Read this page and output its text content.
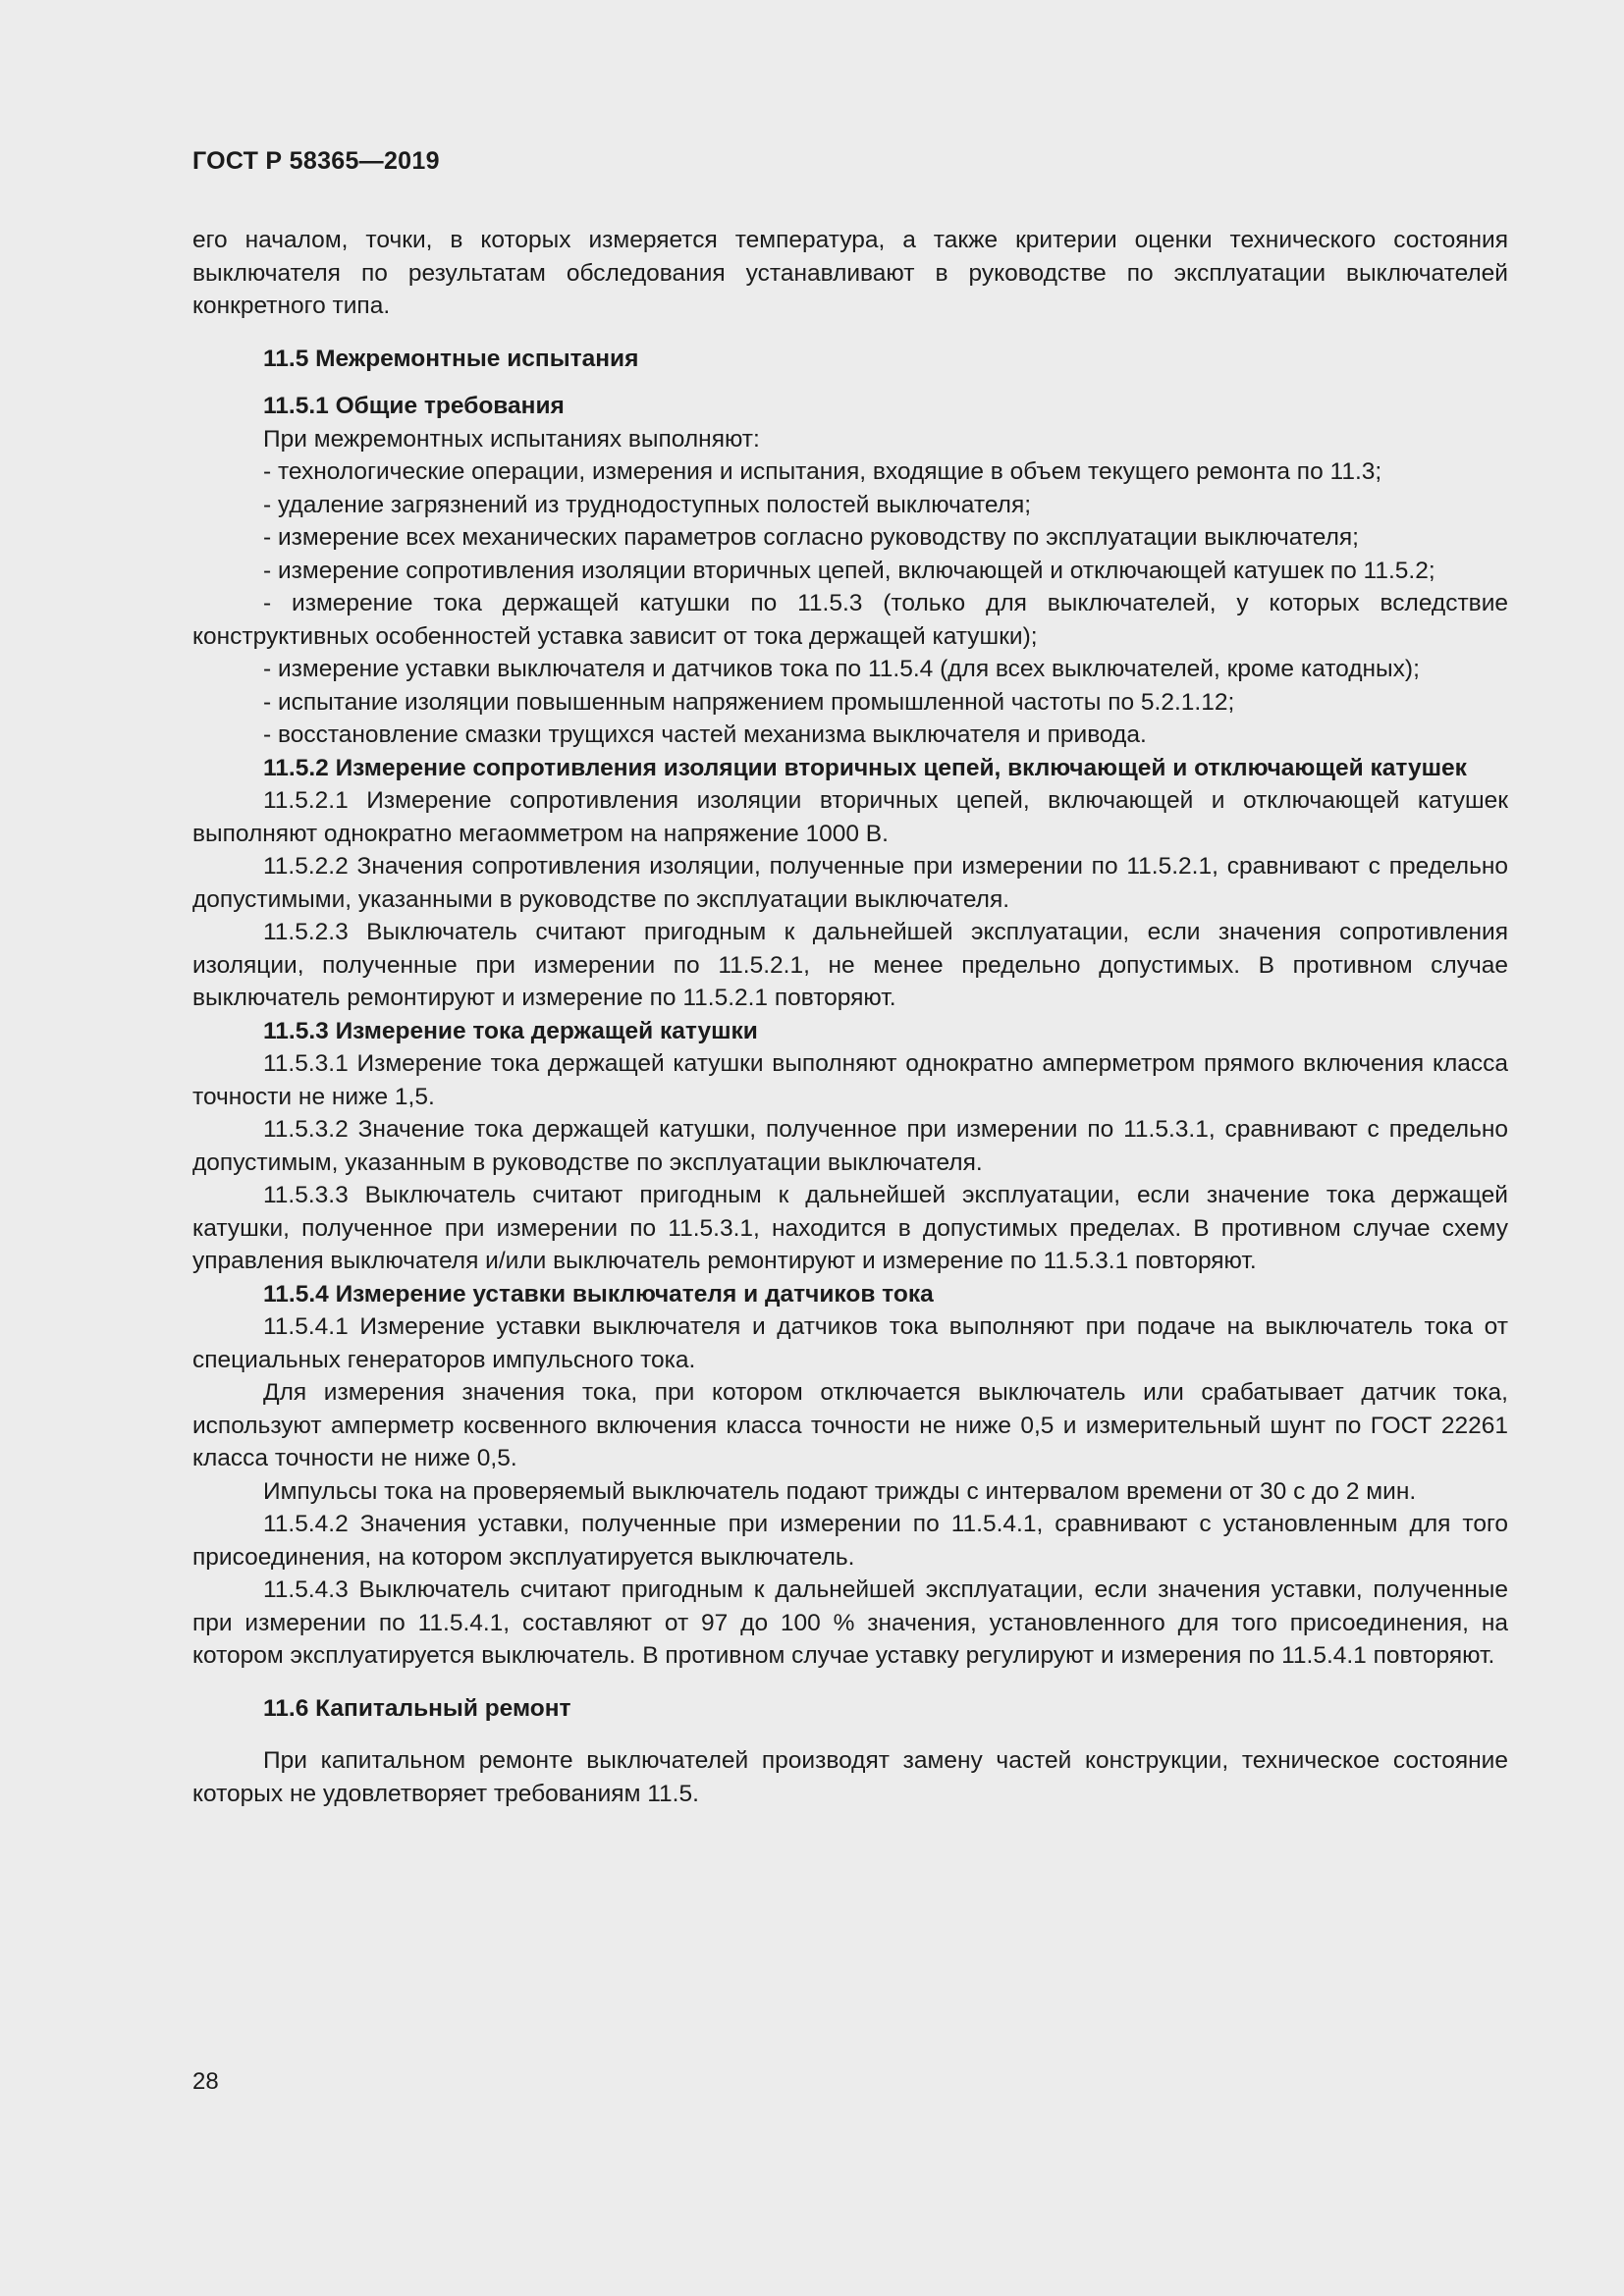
ГОСТ Р 58365—2019

его началом, точки, в которых измеряется температура, а также критерии оценки технического состояния выключателя по результатам обследования устанавливают в руководстве по эксплуатации выключателей конкретного типа.

11.5 Межремонтные испытания

11.5.1 Общие требования

При межремонтных испытаниях выполняют:

- технологические операции, измерения и испытания, входящие в объем текущего ремонта по 11.3;

- удаление загрязнений из труднодоступных полостей выключателя;

- измерение всех механических параметров согласно руководству по эксплуатации выключателя;

- измерение сопротивления изоляции вторичных цепей, включающей и отключающей катушек по 11.5.2;

- измерение тока держащей катушки по 11.5.3 (только для выключателей, у которых вследствие конструктивных особенностей уставка зависит от тока держащей катушки);

- измерение уставки выключателя и датчиков тока по 11.5.4 (для всех выключателей, кроме катодных);

- испытание изоляции повышенным напряжением промышленной частоты по 5.2.1.12;

- восстановление смазки трущихся частей механизма выключателя и привода.

11.5.2 Измерение сопротивления изоляции вторичных цепей, включающей и отключающей катушек

11.5.2.1 Измерение сопротивления изоляции вторичных цепей, включающей и отключающей катушек выполняют однократно мегаомметром на напряжение 1000 В.

11.5.2.2 Значения сопротивления изоляции, полученные при измерении по 11.5.2.1, сравнивают с предельно допустимыми, указанными в руководстве по эксплуатации выключателя.

11.5.2.3 Выключатель считают пригодным к дальнейшей эксплуатации, если значения сопротивления изоляции, полученные при измерении по 11.5.2.1, не менее предельно допустимых. В противном случае выключатель ремонтируют и измерение по 11.5.2.1 повторяют.

11.5.3 Измерение тока держащей катушки

11.5.3.1 Измерение тока держащей катушки выполняют однократно амперметром прямого включения класса точности не ниже 1,5.

11.5.3.2 Значение тока держащей катушки, полученное при измерении по 11.5.3.1, сравнивают с предельно допустимым, указанным в руководстве по эксплуатации выключателя.

11.5.3.3 Выключатель считают пригодным к дальнейшей эксплуатации, если значение тока держащей катушки, полученное при измерении по 11.5.3.1, находится в допустимых пределах. В противном случае схему управления выключателя и/или выключатель ремонтируют и измерение по 11.5.3.1 повторяют.

11.5.4 Измерение уставки выключателя и датчиков тока

11.5.4.1 Измерение уставки выключателя и датчиков тока выполняют при подаче на выключатель тока от специальных генераторов импульсного тока.

Для измерения значения тока, при котором отключается выключатель или срабатывает датчик тока, используют амперметр косвенного включения класса точности не ниже 0,5 и измерительный шунт по ГОСТ 22261 класса точности не ниже 0,5.

Импульсы тока на проверяемый выключатель подают трижды с интервалом времени от 30 с до 2 мин.

11.5.4.2 Значения уставки, полученные при измерении по 11.5.4.1, сравнивают с установленным для того присоединения, на котором эксплуатируется выключатель.

11.5.4.3 Выключатель считают пригодным к дальнейшей эксплуатации, если значения уставки, полученные при измерении по 11.5.4.1, составляют от 97 до 100 % значения, установленного для того присоединения, на котором эксплуатируется выключатель. В противном случае уставку регулируют и измерения по 11.5.4.1 повторяют.

11.6 Капитальный ремонт

При капитальном ремонте выключателей производят замену частей конструкции, техническое состояние которых не удовлетворяет требованиям 11.5.

28
